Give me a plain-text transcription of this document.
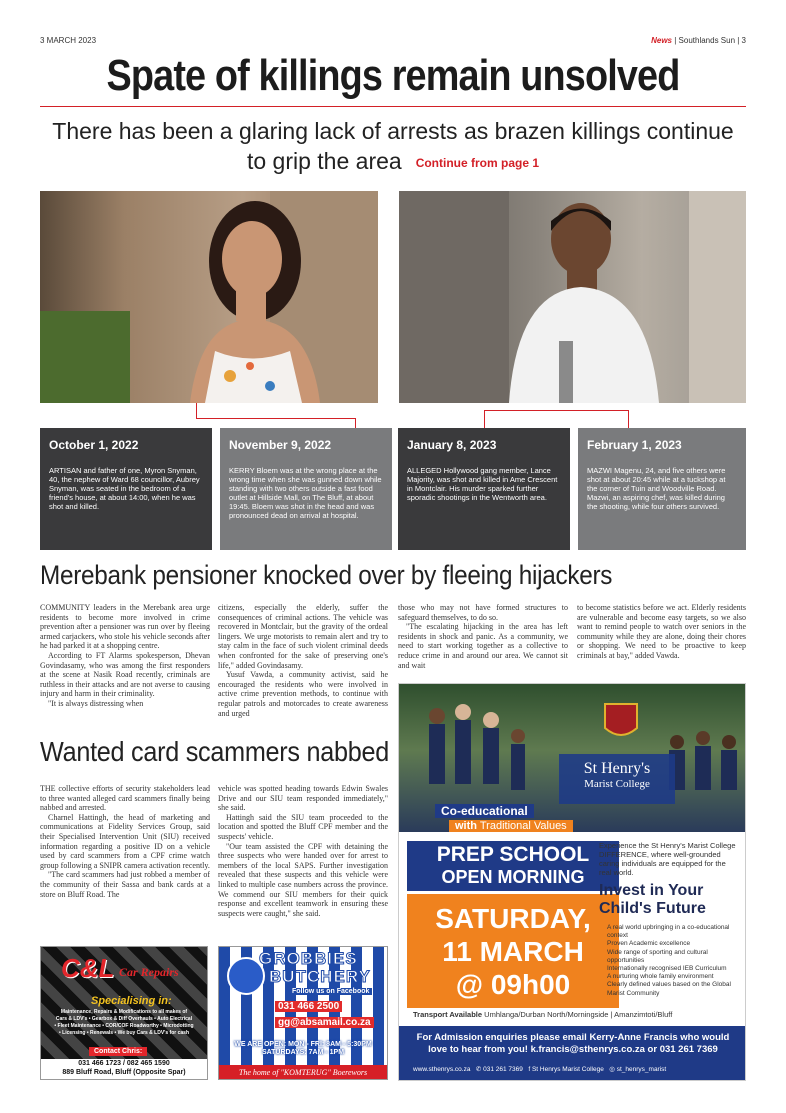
3 MARCH 2023	News | Southlands Sun | 3
Spate of killings remain unsolved
There has been a glaring lack of arrests as brazen killings continue to grip the area Continue from page 1
October 1, 2022

ARTISAN and father of one, Myron Snyman, 40, the nephew of Ward 68 councillor, Aubrey Snyman, was seated in the bedroom of a friend's house, at about 14:00, when he was shot and killed.

November 9, 2022

KERRY Bloem was at the wrong place at the wrong time when she was gunned down while standing with two others outside a fast food outlet at Hillside Mall, on The Bluff, at about 19:45. Bloem was shot in the head and was pronounced dead on arrival at hospital.

January 8, 2023

ALLEGED Hollywood gang member, Lance Majority, was shot and killed in Ame Crescent in Montclair. His murder sparked further sporadic shootings in the Wentworth area.

February 1, 2023

MAZWI Magenu, 24, and five others were shot at about 20:45 while at a tuckshop at the corner of Tuin and Woodville Road. Mazwi, an aspiring chef, was killed during the shooting, while four others survived.

Merebank pensioner knocked over by fleeing hijackers

COMMUNITY leaders in the Merebank area urge residents to become more involved in crime prevention after a pensioner was run over by fleeing armed carjackers, who stole his vehicle seconds after he had parked it at a shopping centre.

According to FT Alarms spokesperson, Dhevan Govindasamy, who was among the first responders at the scene at Nasik Road recently, criminals are ruthless in their attacks and are not averse to causing injury and harm in their criminality.

"It is always distressing when

citizens, especially the elderly, suffer the consequences of criminal actions. The vehicle was recovered in Montclair, but the gravity of the ordeal lingers. We urge motorists to remain alert and try to stay calm in the face of such violent criminal deeds when confronted for the sake of preserving one's life," added Govindasamy.

Yusuf Vawda, a community activist, said he encouraged the residents who were involved in active crime prevention methods, to continue with regular patrols and motorcades to create awareness and urged

those who may not have formed structures to safeguard themselves, to do so.

"The escalating hijacking in the area has left residents in shock and panic. As a community, we need to start working together as a collective to reduce crime in and around our area. We cannot sit and wait

to become statistics before we act. Elderly residents are vulnerable and become easy targets, so we also want to remind people to watch over seniors in the community while they are alone, doing their chores or shopping. We need to be proactive to keep criminals at bay," added Vawda.

Wanted card scammers nabbed

THE collective efforts of security stakeholders lead to three wanted alleged card scammers finally being nabbed and arrested.

Charnel Hattingh, the head of marketing and communications at Fidelity Services Group, said their Specialised Intervention Unit (SIU) received information regarding a positive ID on a vehicle used by card scammers from a CPF crime watch group following a SNIPR camera activation recently.

"The card scammers had just robbed a member of the community of their Sassa and bank cards at a store on Bluff Road. The

vehicle was spotted heading towards Edwin Swales Drive and our SIU team responded immediately," she said.

Hattingh said the SIU team proceeded to the location and spotted the Bluff CPF member and the suspects' vehicle.

"Our team assisted the CPF with detaining the three suspects who were handed over for arrest to members of the local SAPS. Further investigation revealed that these suspects and this vehicle were linked to multiple case numbers across the province. We commend our SIU members for their quick response and excellent teamwork in ensuring these suspects were caught," she said.

C&L Car Repairs
Specialising in:
Maintenance, Repairs & Modifications to all makes of
Cars & LDV's • Gearbox & Diff Overhauls • Auto Electrical
• Fleet Maintenance • COR/COF Roadworthy • Microdotting
• Licensing • Renewals • We buy Cars & LDV's for cash
Contact Chris:
031 466 1723 / 082 465 1590
889 Bluff Road, Bluff (Opposite Spar)
GROBBIES
BUTCHERY
Follow us on Facebook
031 466 2500
gg@absamail.co.za
WE ARE OPEN: MON - FRI: 8AM - 5:30PM
SATURDAYS: 7AM - 1PM
The home of "KOMTERUG" Boerewors
St Henry's
Marist College
Co-educational
with Traditional Values
PREP SCHOOL
OPEN MORNING
SATURDAY,
11 MARCH
@ 09h00
Experience the St Henry's Marist College DIFFERENCE, where well-grounded caring individuals are equipped for the real world.
Invest in Your
Child's Future
A real world upbringing in a co-educational context
Proven Academic excellence
Wide range of sporting and cultural opportunities
Internationally recognised IEB Curriculum
A nurturing whole family environment
Clearly defined values based on the Global Marist Community
Transport Available Umhlanga/Durban North/Morningside | Amanzimtoti/Bluff
For Admission enquiries please email Kerry-Anne Francis who would love to hear from you! k.francis@sthenrys.co.za or 031 261 7369
www.sthenrys.co.za ✆ 031 261 7369 f St Henrys Marist College ◎ st_henrys_marist
